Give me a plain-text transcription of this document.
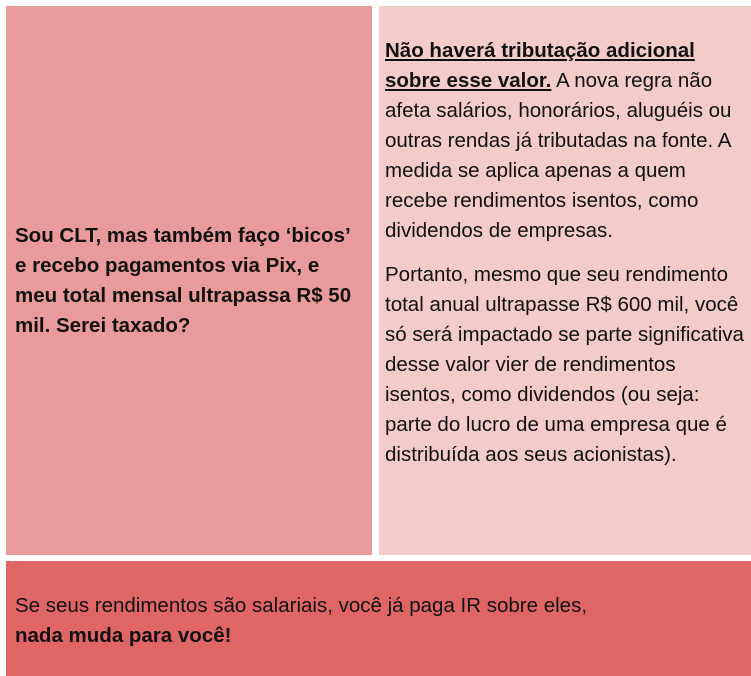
Sou CLT, mas também faço ‘bicos’ e recebo pagamentos via Pix, e meu total mensal ultrapassa R$ 50 mil. Serei taxado?

Não haverá tributação adicional sobre esse valor. A nova regra não afeta salários, honorários, aluguéis ou outras rendas já tributadas na fonte. A medida se aplica apenas a quem recebe rendimentos isentos, como dividendos de empresas.

Portanto, mesmo que seu rendimento total anual ultrapasse R$ 600 mil, você só será impactado se parte significativa desse valor vier de rendimentos isentos, como dividendos (ou seja: parte do lucro de uma empresa que é distribuída aos seus acionistas).

Se seus rendimentos são salariais, você já paga IR sobre eles,
nada muda para você!
